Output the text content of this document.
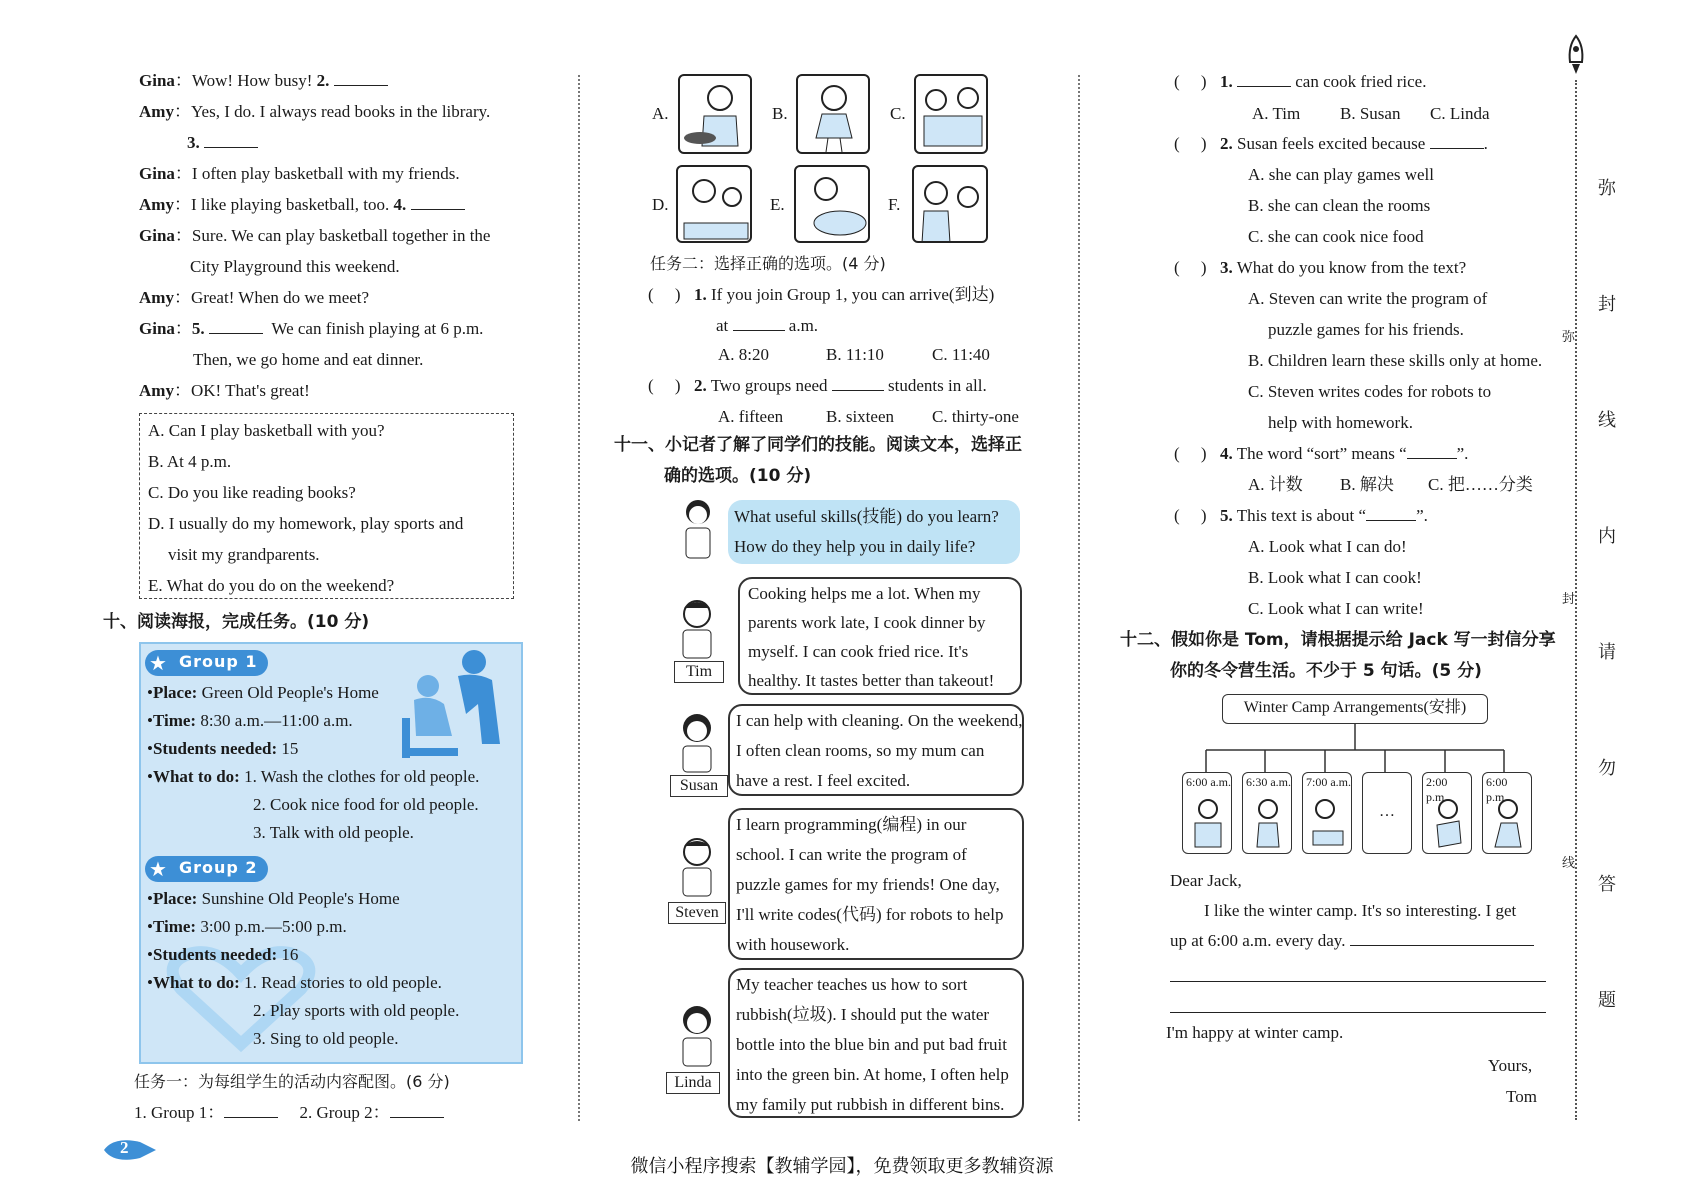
Gina：Wow! How busy! 2.
Amy：Yes, I do. I always read books in the library.
3.
Gina：I often play basketball with my friends.
Amy：I like playing basketball, too. 4.
Gina：Sure. We can play basketball together in the
City Playground this weekend.
Amy：Great! When do we meet?
Gina：5.	We can finish playing at 6 p.m.
Then, we go home and eat dinner.
Amy：OK! That's great!
A. Can I play basketball with you?
B. At 4 p.m.
C. Do you like reading books?
D. I usually do my homework, play sports and
visit my grandparents.
E. What do you do on the weekend?
十、阅读海报，完成任务。(10 分)
★ Group 1
•Place: Green Old People's Home
•Time: 8:30 a.m.—11:00 a.m.
•Students needed: 15
•What to do: 1. Wash the clothes for old people.
2. Cook nice food for old people.
3. Talk with old people.
★ Group 2
•Place: Sunshine Old People's Home
•Time: 3:00 p.m.—5:00 p.m.
•Students needed: 16
•What to do: 1. Read stories to old people.
2. Play sports with old people.
3. Sing to old people.
任务一：为每组学生的活动内容配图。(6 分)
1. Group 1：	2. Group 2：
2
A.	B.	C.
D.	E.	F.
任务二：选择正确的选项。(4 分)
(     ) 1. If you join Group 1, you can arrive(到达)
at	a.m.
A. 8:20	B. 11:10	C. 11:40
(     ) 2. Two groups need	students in all.
A. fifteen	B. sixteen C. thirty-one
十一、小记者了解了同学们的技能。阅读文本，选择正
确的选项。(10 分)
What useful skills(技能) do you learn?
How do they help you in daily life?
Tim
Cooking helps me a lot. When my
parents work late, I cook dinner by
myself. I can cook fried rice. It's
healthy. It tastes better than takeout!
Susan
I can help with cleaning. On the weekend,
I often clean rooms, so my mum can
have a rest. I feel excited.
Steven
I learn programming(编程) in our
school. I can write the program of
puzzle games for my friends! One day,
I'll write codes(代码) for robots to help
with housework.
Linda
My teacher teaches us how to sort
rubbish(垃圾). I should put the water
bottle into the blue bin and put bad fruit
into the green bin. At home, I often help
my family put rubbish in different bins.
(     ) 1.	can cook fried rice.
A. Tim B. Susan C. Linda
(     ) 2. Susan feels excited because	.
A. she can play games well
B. she can clean the rooms
C. she can cook nice food
(     ) 3. What do you know from the text?
A. Steven can write the program of
puzzle games for his friends.
B. Children learn these skills only at home.
C. Steven writes codes for robots to
help with homework.
(     ) 4. The word “sort” means “	”.
A. 计数 B. 解决 C. 把……分类
(     ) 5. This text is about “	”.
A. Look what I can do!
B. Look what I can cook!
C. Look what I can write!
十二、假如你是 Tom，请根据提示给 Jack 写一封信分享
你的冬令营生活。不少于 5 句话。(5 分)
Winter Camp Arrangements(安排)
6:00 a.m. 6:30 a.m. 7:00 a.m.
…
2:00 p.m.
6:00 p.m.
Dear Jack,
I like the winter camp. It's so interesting. I get
up at 6:00 a.m. every day.
I'm happy at winter camp.
Yours,
Tom
弥
封
线
内
请
勿
答
题
弥
封
线
微信小程序搜索【教辅学园】，免费领取更多教辅资源
